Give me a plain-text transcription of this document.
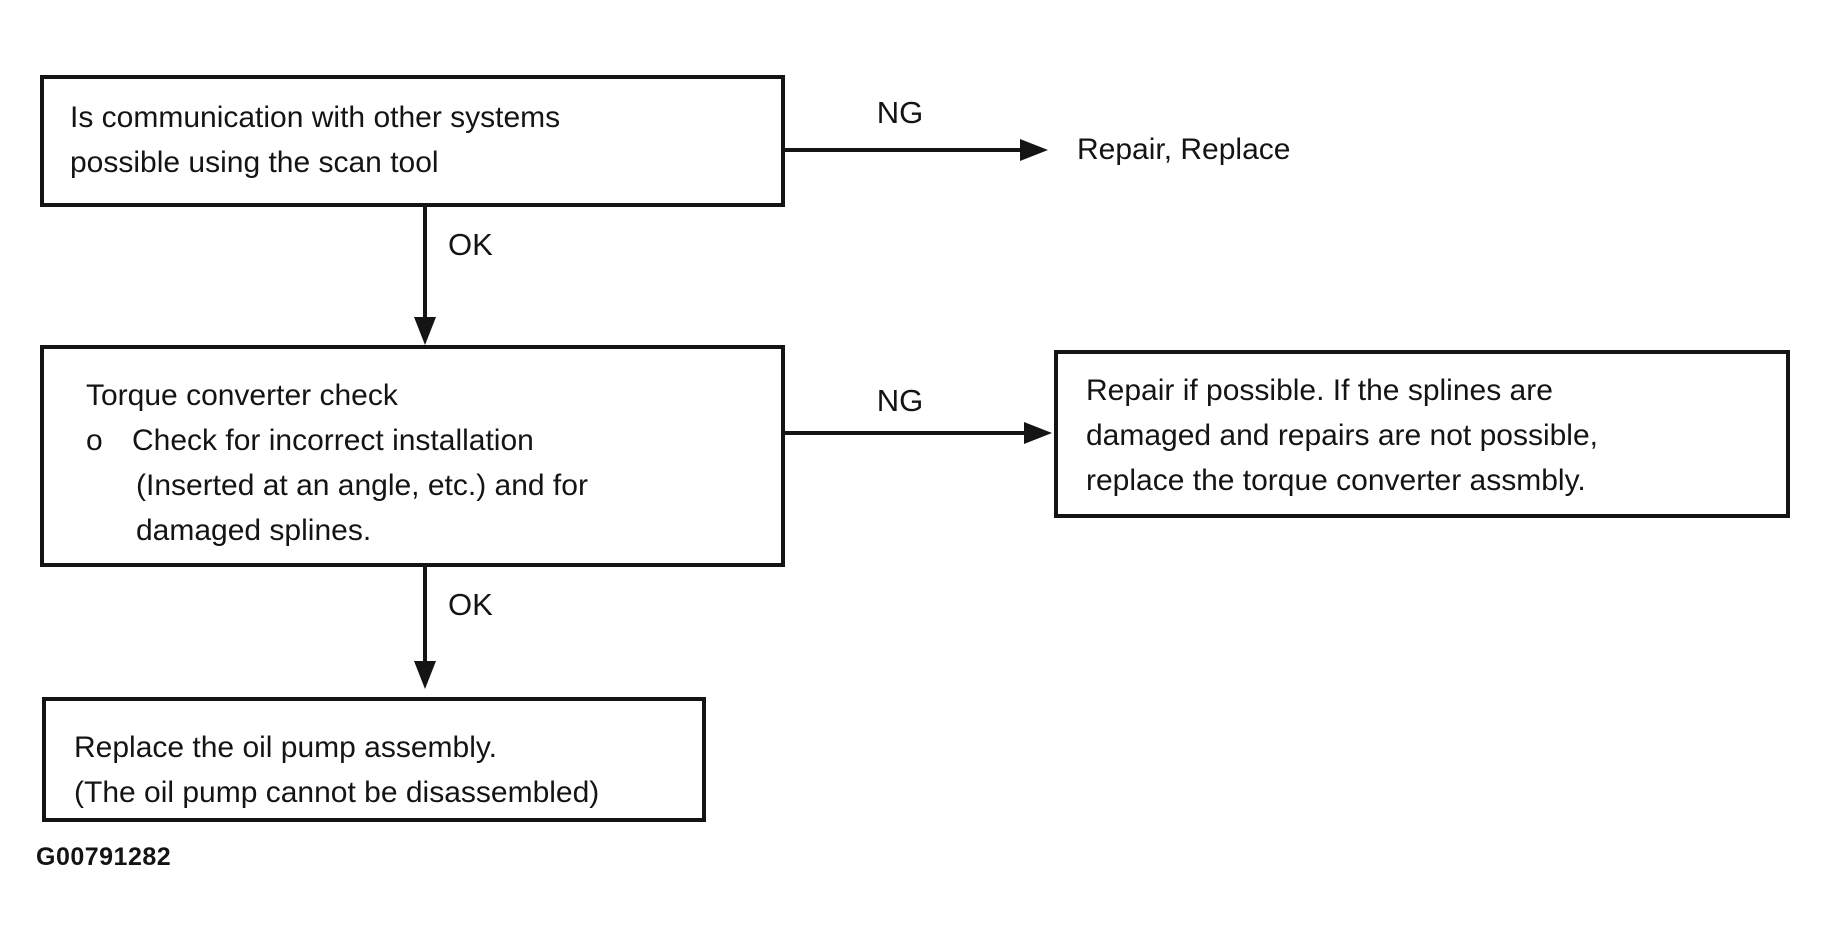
Is communication with other systems
possible using the scan tool
NG
Repair, Replace
OK
Torque converter check
o Check for incorrect installation
(Inserted at an angle, etc.) and for
damaged splines.
NG	Repair if possible. If the splines are
damaged and repairs are not possible,
replace the torque converter assmbly.
OK
Replace the oil pump assembly.
(The oil pump cannot be disassembled)
G00791282
